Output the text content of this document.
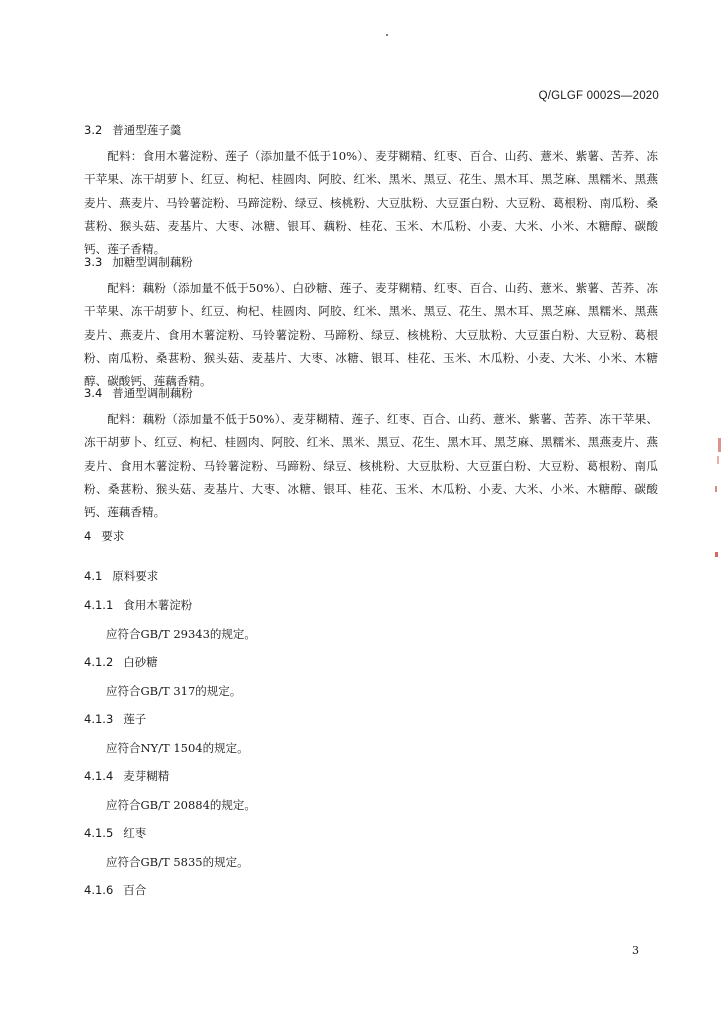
Q/GLGF 0002S—2020
3.2 普通型莲子羹

配料：食用木薯淀粉、莲子（添加量不低于10%）、麦芽糊精、红枣、百合、山药、薏米、紫薯、苦荞、冻干苹果、冻干胡萝卜、红豆、枸杞、桂圆肉、阿胶、红米、黑米、黑豆、花生、黑木耳、黑芝麻、黑糯米、黑燕麦片、燕麦片、马铃薯淀粉、马蹄淀粉、绿豆、核桃粉、大豆肽粉、大豆蛋白粉、大豆粉、葛根粉、南瓜粉、桑葚粉、猴头菇、麦基片、大枣、冰糖、银耳、藕粉、桂花、玉米、木瓜粉、小麦、大米、小米、木糖醇、碳酸钙、莲子香精。

3.3 加糖型调制藕粉

配料：藕粉（添加量不低于50%）、白砂糖、莲子、麦芽糊精、红枣、百合、山药、薏米、紫薯、苦荞、冻干苹果、冻干胡萝卜、红豆、枸杞、桂圆肉、阿胶、红米、黑米、黑豆、花生、黑木耳、黑芝麻、黑糯米、黑燕麦片、燕麦片、食用木薯淀粉、马铃薯淀粉、马蹄粉、绿豆、核桃粉、大豆肽粉、大豆蛋白粉、大豆粉、葛根粉、南瓜粉、桑葚粉、猴头菇、麦基片、大枣、冰糖、银耳、桂花、玉米、木瓜粉、小麦、大米、小米、木糖醇、碳酸钙、莲藕香精。

3.4 普通型调制藕粉

配料：藕粉（添加量不低于50%）、麦芽糊精、莲子、红枣、百合、山药、薏米、紫薯、苦荞、冻干苹果、冻干胡萝卜、红豆、枸杞、桂圆肉、阿胶、红米、黑米、黑豆、花生、黑木耳、黑芝麻、黑糯米、黑燕麦片、燕麦片、食用木薯淀粉、马铃薯淀粉、马蹄粉、绿豆、核桃粉、大豆肽粉、大豆蛋白粉、大豆粉、葛根粉、南瓜粉、桑葚粉、猴头菇、麦基片、大枣、冰糖、银耳、桂花、玉米、木瓜粉、小麦、大米、小米、木糖醇、碳酸钙、莲藕香精。

4 要求
4.1 原料要求
4.1.1 食用木薯淀粉
应符合GB/T 29343的规定。
4.1.2 白砂糖
应符合GB/T 317的规定。
4.1.3 莲子
应符合NY/T 1504的规定。
4.1.4 麦芽糊精
应符合GB/T 20884的规定。
4.1.5 红枣
应符合GB/T 5835的规定。
4.1.6 百合
3
